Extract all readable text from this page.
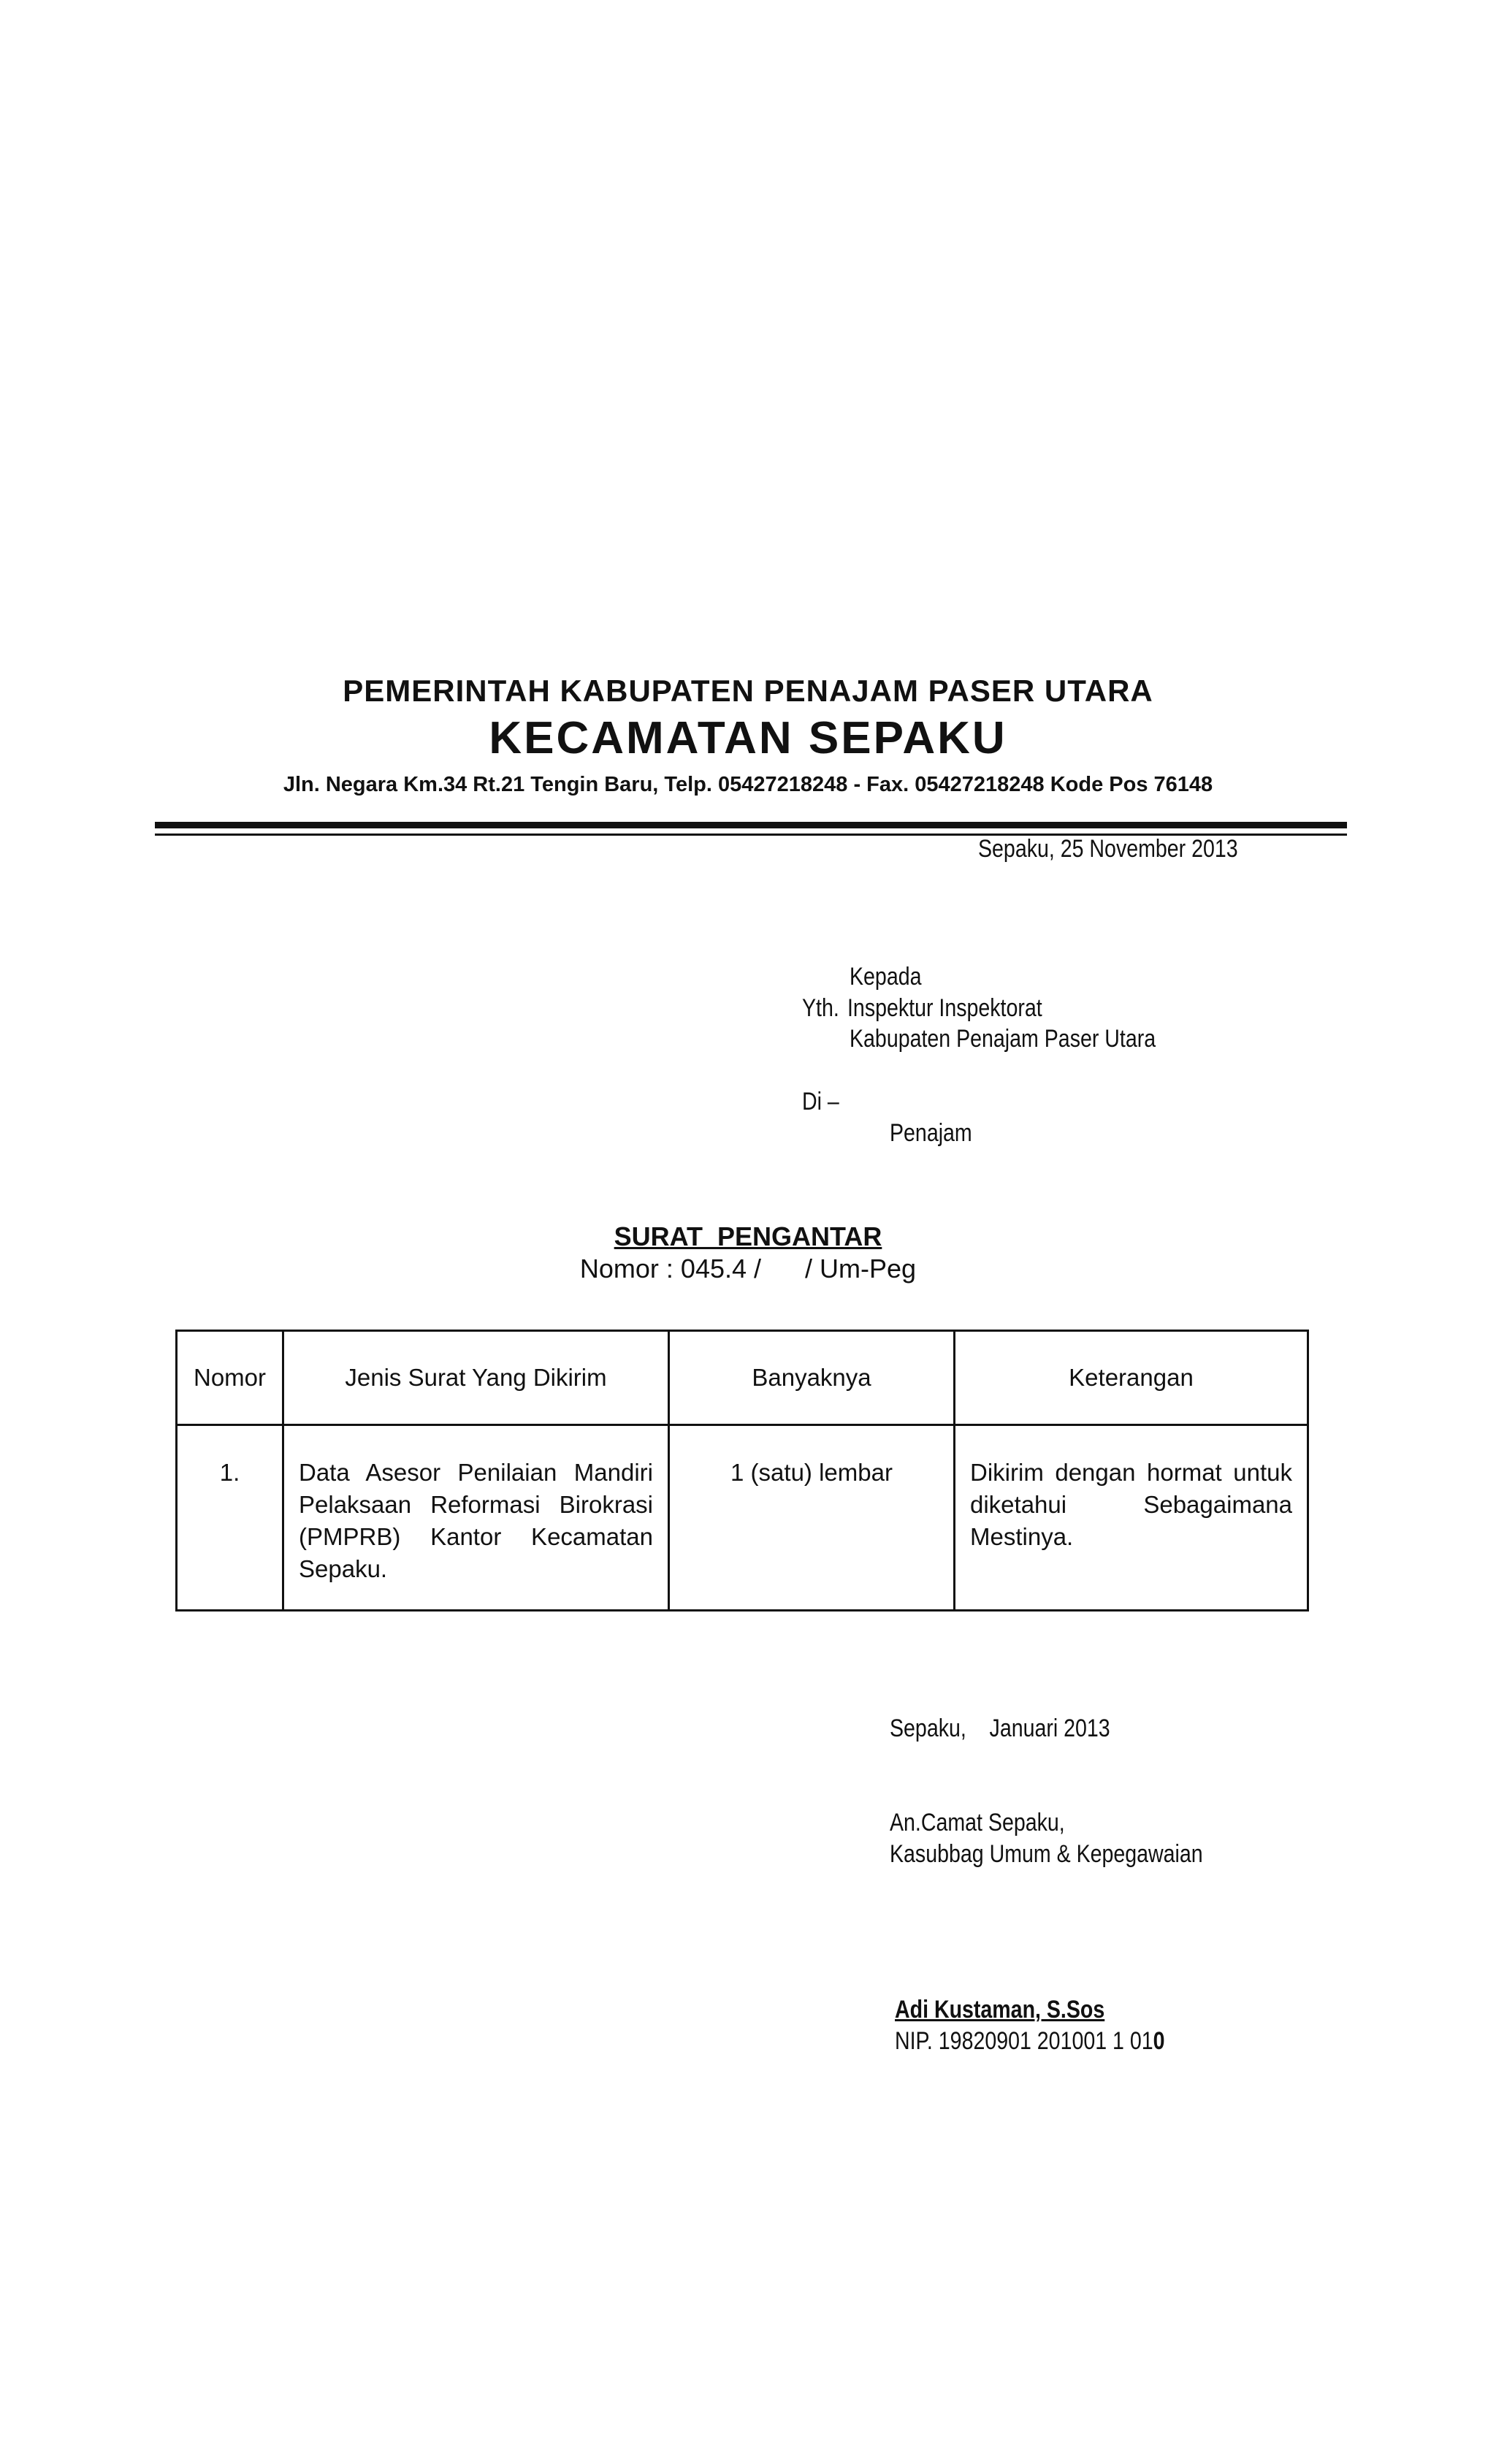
PEMERINTAH KABUPATEN PENAJAM PASER UTARA
KECAMATAN SEPAKU
Jln. Negara Km.34 Rt.21 Tengin Baru, Telp. 05427218248 - Fax. 05427218248 Kode Pos 76148
Sepaku, 25 November 2013
Kepada
Yth. Inspektur Inspektorat
Kabupaten Penajam Paser Utara
Di –
Penajam
SURAT PENGANTAR
Nomor : 045.4 /      / Um-Peg
Nomor	Jenis Surat Yang Dikirim	Banyaknya	Keterangan
1.	Data Asesor Penilaian Mandiri Pelaksaan Reformasi Birokrasi (PMPRB) Kantor Kecamatan Sepaku.	1 (satu) lembar	Dikirim dengan hormat untuk diketahui Sebagaimana Mestinya.
Sepaku,    Januari 2013
An.Camat Sepaku,
Kasubbag Umum & Kepegawaian
Adi Kustaman, S.Sos
NIP. 19820901 201001 1 010
